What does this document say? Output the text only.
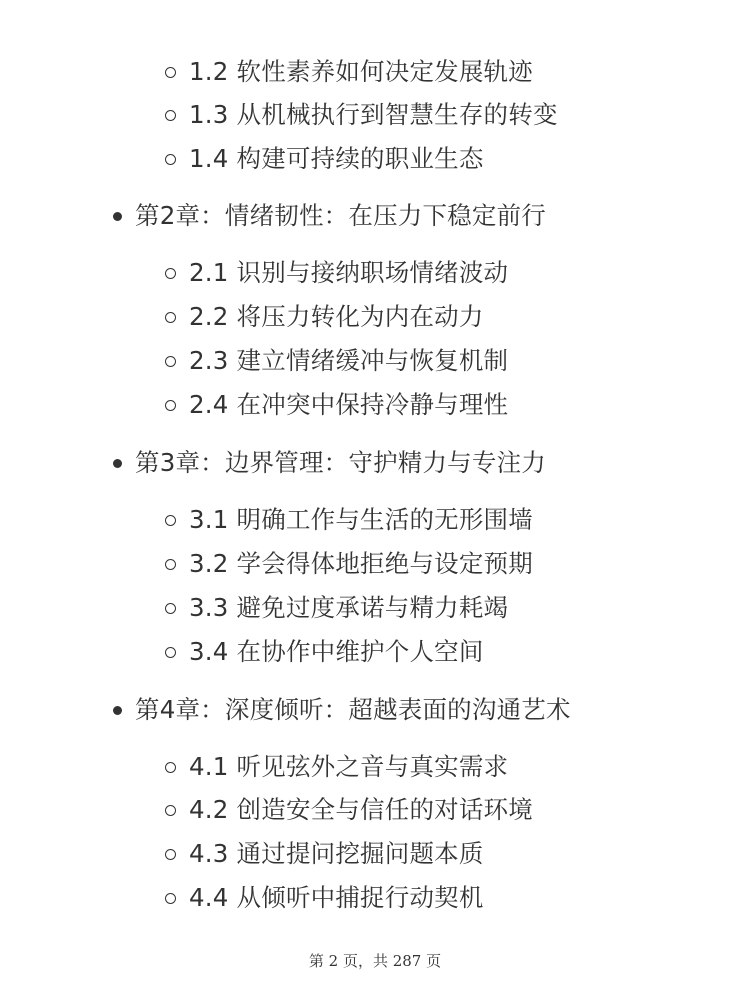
1.2 软性素养如何决定发展轨迹
1.3 从机械执行到智慧生存的转变
1.4 构建可持续的职业生态
第2章：情绪韧性：在压力下稳定前行
2.1 识别与接纳职场情绪波动
2.2 将压力转化为内在动力
2.3 建立情绪缓冲与恢复机制
2.4 在冲突中保持冷静与理性
第3章：边界管理：守护精力与专注力
3.1 明确工作与生活的无形围墙
3.2 学会得体地拒绝与设定预期
3.3 避免过度承诺与精力耗竭
3.4 在协作中维护个人空间
第4章：深度倾听：超越表面的沟通艺术
4.1 听见弦外之音与真实需求
4.2 创造安全与信任的对话环境
4.3 通过提问挖掘问题本质
4.4 从倾听中捕捉行动契机
第 2 页，共 287 页
